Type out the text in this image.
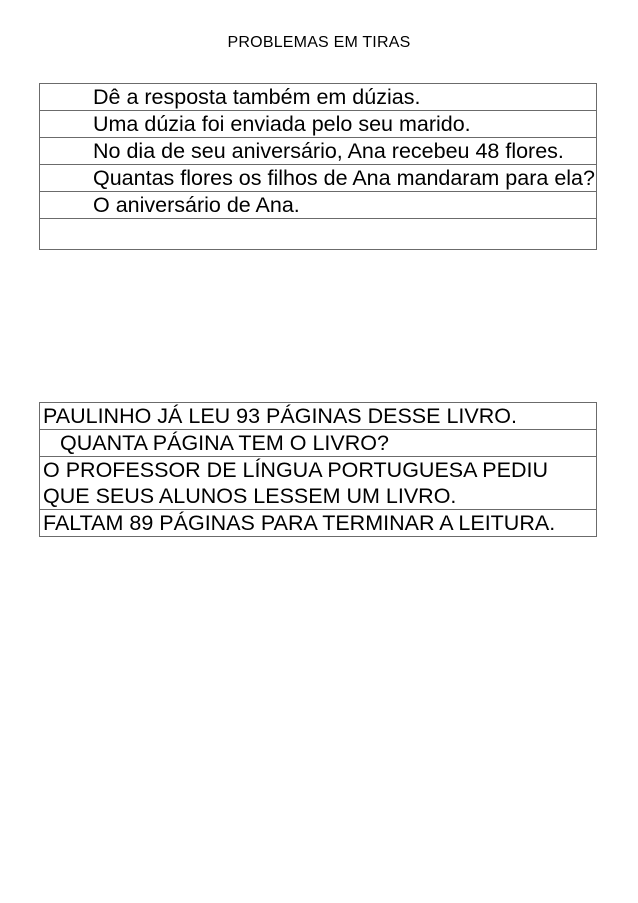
PROBLEMAS EM TIRAS
Dê a resposta também em dúzias.
Uma dúzia foi enviada pelo seu marido.
No dia de seu aniversário, Ana recebeu 48 flores.
Quantas flores os filhos de Ana mandaram para ela?
O aniversário de Ana.

PAULINHO JÁ LEU 93 PÁGINAS DESSE LIVRO.
QUANTA PÁGINA TEM O LIVRO?
O PROFESSOR DE LÍNGUA PORTUGUESA PEDIU QUE SEUS ALUNOS LESSEM UM LIVRO.
FALTAM 89 PÁGINAS PARA TERMINAR A LEITURA.
